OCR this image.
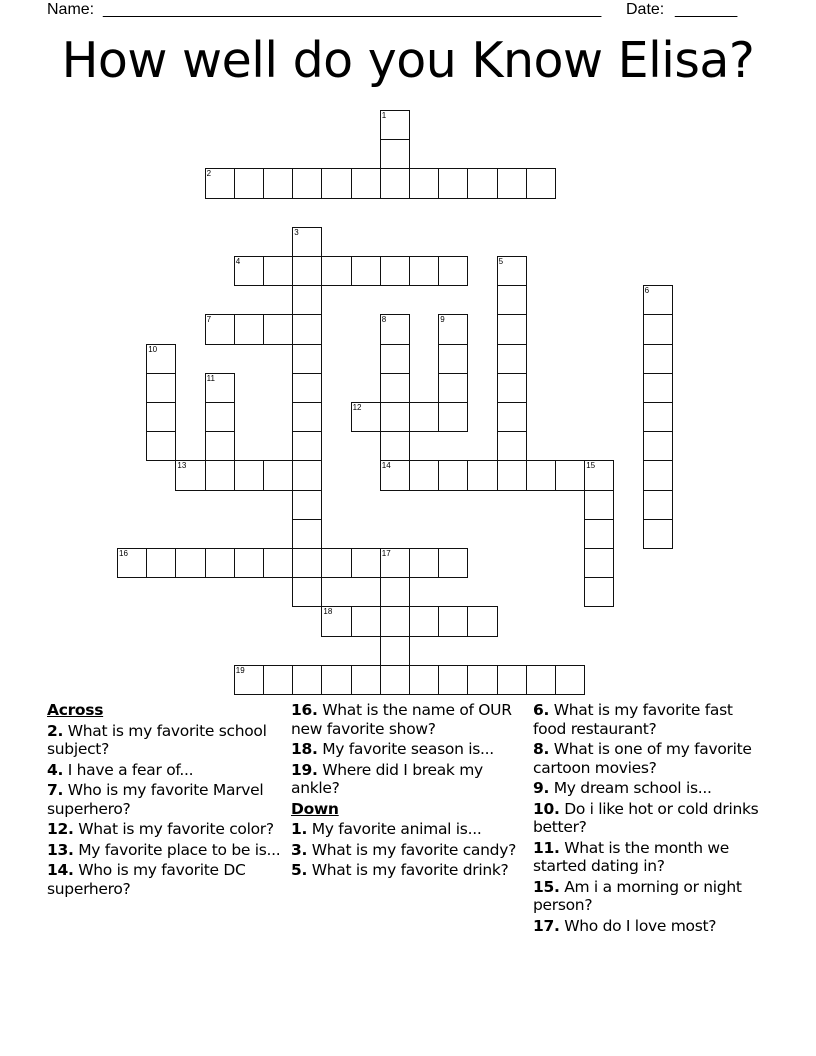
Name: ________________________________________________________ Date: _______
How well do you Know Elisa?
1
2
3
4	5
6
7	8
14
9
10
11
12
13	15
16	17
18
19
Across
2. What is my favorite school subject?
4. I have a fear of...
7. Who is my favorite Marvel superhero?
12. What is my favorite color?
13. My favorite place to be is...
14. Who is my favorite DC superhero?
16. What is the name of OUR new favorite show?
18. My favorite season is...
19. Where did I break my ankle?
Down
1. My favorite animal is...
3. What is my favorite candy?
5. What is my favorite drink?
6. What is my favorite fast food restaurant?
8. What is one of my favorite cartoon movies?
9. My dream school is...
10. Do i like hot or cold drinks better?
11. What is the month we started dating in?
15. Am i a morning or night person?
17. Who do I love most?
